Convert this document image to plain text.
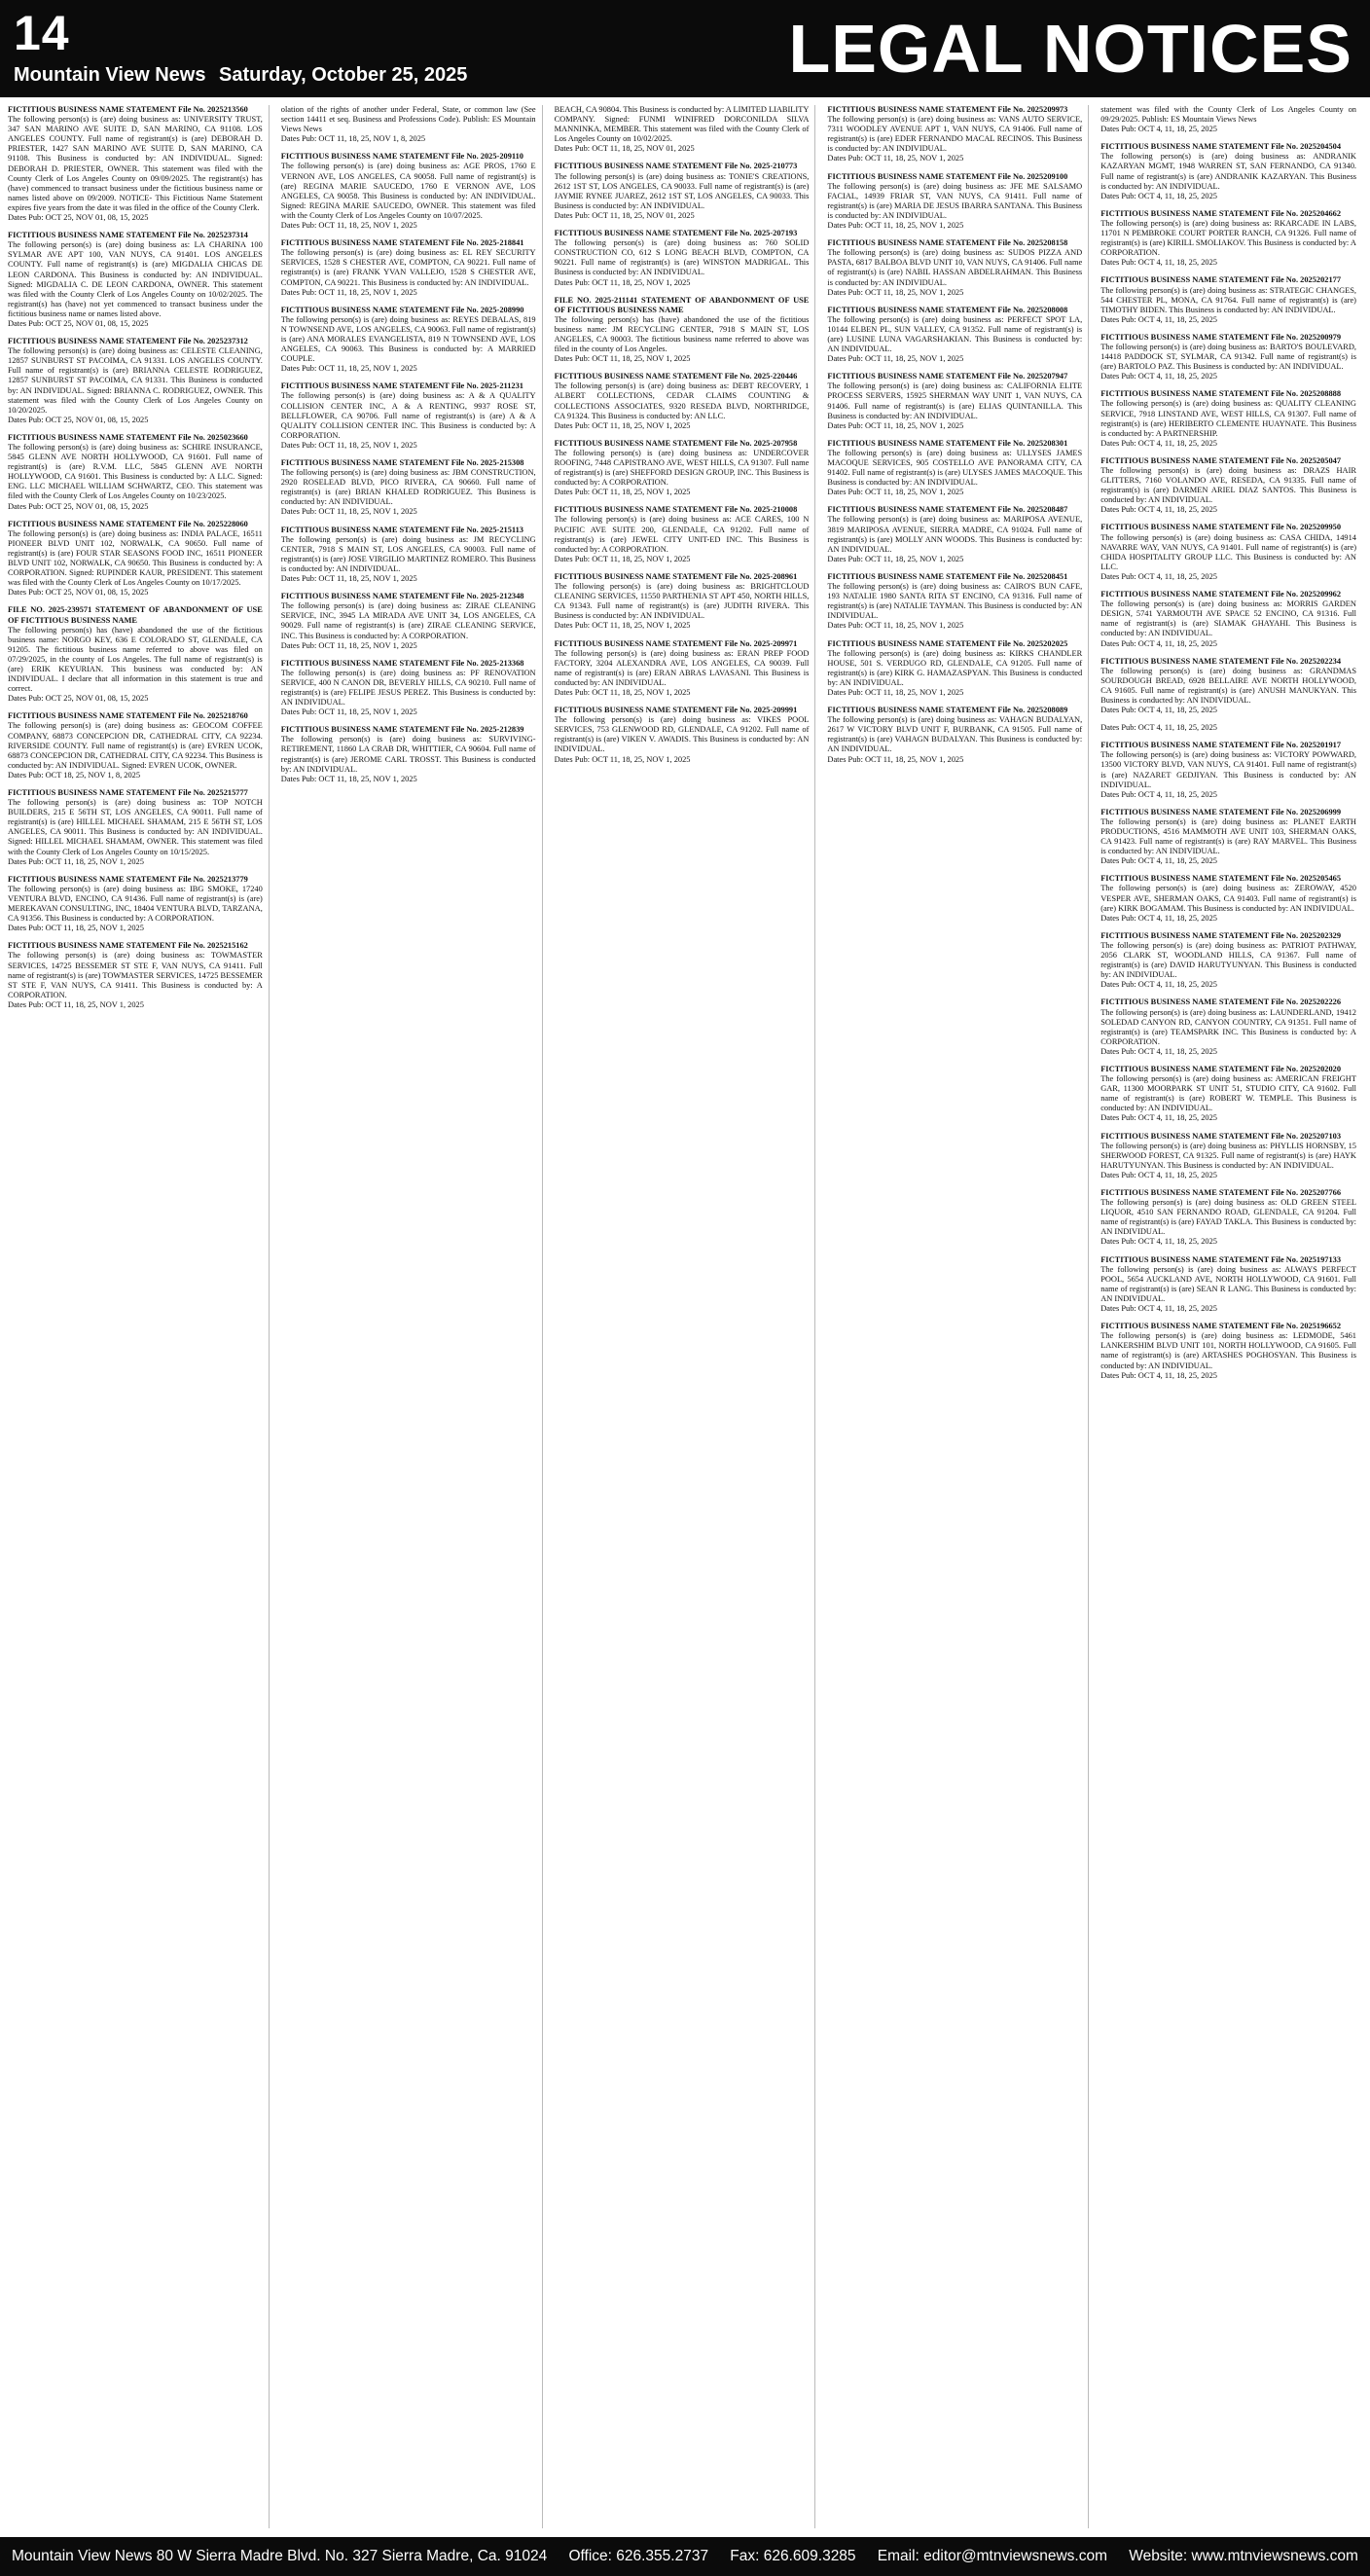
14
Mountain View News Saturday, October 25, 2025	LEGAL NOTICES
FICTITIOUS BUSINESS NAME STATEMENT File No. 2025213560
The following person(s) is (are) doing business as: UNIVERSITY TRUST, 347 SAN MARINO AVE SUITE D, SAN MARINO, CA 91108. LOS ANGELES COUNTY. Full name of registrant(s) is (are) DEBORAH D. PRIESTER, 1427 SAN MARINO AVE SUITE D, SAN MARINO, CA 91108. This Business is conducted by: AN INDIVIDUAL. Signed: DEBORAH D. PRIESTER, OWNER. This statement was filed with the County Clerk of Los Angeles County on 09/09/2025. The registrant(s) has (have) commenced to transact business under the fictitious business name or names listed above on 09/2009. NOTICE- This Fictitious Name Statement expires five years from the date it was filed in the office of the County Clerk.
Dates Pub: OCT 25, NOV 01, 08, 15, 2025
FICTITIOUS BUSINESS NAME STATEMENT File No. 2025237314
The following person(s) is (are) doing business as: LA CHARINA 100 SYLMAR AVE APT 100, VAN NUYS, CA 91401. LOS ANGELES COUNTY. Full name of registrant(s) is (are) MIGDALIA CHICAS DE LEON CARDONA. This Business is conducted by: AN INDIVIDUAL. Signed: MIGDALIA C. DE LEON CARDONA, OWNER. This statement was filed with the County Clerk of Los Angeles County on 10/02/2025. The registrant(s) has (have) not yet commenced to transact business under the fictitious business name or names listed above.
Dates Pub: OCT 25, NOV 01, 08, 15, 2025
FICTITIOUS BUSINESS NAME STATEMENT File No. 2025237312
The following person(s) is (are) doing business as: CELESTE CLEANING, 12857 SUNBURST ST PACOIMA, CA 91331. LOS ANGELES COUNTY. Full name of registrant(s) is (are) BRIANNA CELESTE RODRIGUEZ, 12857 SUNBURST ST PACOIMA, CA 91331. This Business is conducted by: AN INDIVIDUAL. Signed: BRIANNA C. RODRIGUEZ, OWNER. This statement was filed with the County Clerk of Los Angeles County on 10/20/2025.
Dates Pub: OCT 25, NOV 01, 08, 15, 2025
FICTITIOUS BUSINESS NAME STATEMENT File No. 2025023660
The following person(s) is (are) doing business as: SCHIRE INSURANCE, 5845 GLENN AVE NORTH HOLLYWOOD, CA 91601. Full name of registrant(s) is (are) R.V.M. LLC, 5845 GLENN AVE NORTH HOLLYWOOD, CA 91601. This Business is conducted by: A LLC. Signed: ENG. LLC MICHAEL WILLIAM SCHWARTZ, CEO. This statement was filed with the County Clerk of Los Angeles County on 10/23/2025.
Dates Pub: OCT 25, NOV 01, 08, 15, 2025
FICTITIOUS BUSINESS NAME STATEMENT File No. 2025228060
The following person(s) is (are) doing business as: INDIA PALACE, 16511 PIONEER BLVD UNIT 102, NORWALK, CA 90650. Full name of registrant(s) is (are) FOUR STAR SEASONS FOOD INC, 16511 PIONEER BLVD UNIT 102, NORWALK, CA 90650. This Business is conducted by: A CORPORATION. Signed: RUPINDER KAUR, PRESIDENT. This statement was filed with the County Clerk of Los Angeles County on 10/17/2025.
Dates Pub: OCT 25, NOV 01, 08, 15, 2025
FILE NO. 2025-239571 STATEMENT OF ABANDONMENT OF USE OF FICTITIOUS BUSINESS NAME
The following person(s) has (have) abandoned the use of the fictitious business name: NORGO KEY, 636 E COLORADO ST, GLENDALE, CA 91205. The fictitious business name referred to above was filed on 07/29/2025, in the county of Los Angeles. The full name of registrant(s) is (are) ERIK KEYURIAN. This business was conducted by: AN INDIVIDUAL. I declare that all information in this statement is true and correct.
Dates Pub: OCT 25, NOV 01, 08, 15, 2025
FICTITIOUS BUSINESS NAME STATEMENT File No. 2025218760
The following person(s) is (are) doing business as: GEOCOM COFFEE COMPANY, 68873 CONCEPCION DR, CATHEDRAL CITY, CA 92234. RIVERSIDE COUNTY. Full name of registrant(s) is (are) EVREN UCOK, 68873 CONCEPCION DR, CATHEDRAL CITY, CA 92234. This Business is conducted by: AN INDIVIDUAL. Signed: EVREN UCOK, OWNER.
Dates Pub: OCT 18, 25, NOV 1, 8, 2025
FICTITIOUS BUSINESS NAME STATEMENT File No. 2025215777
The following person(s) is (are) doing business as: TOP NOTCH BUILDERS, 215 E 56TH ST, LOS ANGELES, CA 90011. Full name of registrant(s) is (are) HILLEL MICHAEL SHAMAM, 215 E 56TH ST, LOS ANGELES, CA 90011. This Business is conducted by: AN INDIVIDUAL. Signed: HILLEL MICHAEL SHAMAM, OWNER. This statement was filed with the County Clerk of Los Angeles County on 10/15/2025.
Dates Pub: OCT 11, 18, 25, NOV 1, 2025
FICTITIOUS BUSINESS NAME STATEMENT File No. 2025213779
The following person(s) is (are) doing business as: IBG SMOKE, 17240 VENTURA BLVD, ENCINO, CA 91436. Full name of registrant(s) is (are) MEREKAVAN CONSULTING, INC, 18404 VENTURA BLVD, TARZANA, CA 91356. This Business is conducted by: A CORPORATION.
Dates Pub: OCT 11, 18, 25, NOV 1, 2025
FICTITIOUS BUSINESS NAME STATEMENT File No. 2025215162
The following person(s) is (are) doing business as: TOWMASTER SERVICES, 14725 BESSEMER ST STE F, VAN NUYS, CA 91411. Full name of registrant(s) is (are) TOWMASTER SERVICES, 14725 BESSEMER ST STE F, VAN NUYS, CA 91411. This Business is conducted by: A CORPORATION.
Dates Pub: OCT 11, 18, 25, NOV 1, 2025
olation of the rights of another under Federal, State, or common law (See section 14411 et seq. Business and Professions Code). Publish: ES Mountain Views News
Dates Pub: OCT 11, 18, 25, NOV 1, 8, 2025
FICTITIOUS BUSINESS NAME STATEMENT File No. 2025-209110
The following person(s) is (are) doing business as: AGE PROS, 1760 E VERNON AVE, LOS ANGELES, CA 90058. Full name of registrant(s) is (are) REGINA MARIE SAUCEDO, 1760 E VERNON AVE, LOS ANGELES, CA 90058. This Business is conducted by: AN INDIVIDUAL. Signed: REGINA MARIE SAUCEDO, OWNER. This statement was filed with the County Clerk of Los Angeles County on 10/07/2025.
Dates Pub: OCT 11, 18, 25, NOV 1, 2025
FICTITIOUS BUSINESS NAME STATEMENT File No. 2025-218841
The following person(s) is (are) doing business as: EL REY SECURITY SERVICES, 1528 S CHESTER AVE, COMPTON, CA 90221. Full name of registrant(s) is (are) FRANK YVAN VALLEJO, 1528 S CHESTER AVE, COMPTON, CA 90221. This Business is conducted by: AN INDIVIDUAL.
Dates Pub: OCT 11, 18, 25, NOV 1, 2025
FICTITIOUS BUSINESS NAME STATEMENT File No. 2025-208990
The following person(s) is (are) doing business as: REYES DEBALAS, 819 N TOWNSEND AVE, LOS ANGELES, CA 90063. Full name of registrant(s) is (are) ANA MORALES EVANGELISTA, 819 N TOWNSEND AVE, LOS ANGELES, CA 90063. This Business is conducted by: A MARRIED COUPLE.
Dates Pub: OCT 11, 18, 25, NOV 1, 2025
FICTITIOUS BUSINESS NAME STATEMENT File No. 2025-211231
The following person(s) is (are) doing business as: A & A QUALITY COLLISION CENTER INC, A & A RENTING, 9937 ROSE ST, BELLFLOWER, CA 90706. Full name of registrant(s) is (are) A & A QUALITY COLLISION CENTER INC. This Business is conducted by: A CORPORATION.
Dates Pub: OCT 11, 18, 25, NOV 1, 2025
FICTITIOUS BUSINESS NAME STATEMENT File No. 2025-215308
The following person(s) is (are) doing business as: JBM CONSTRUCTION, 2920 ROSELEAD BLVD, PICO RIVERA, CA 90660. Full name of registrant(s) is (are) BRIAN KHALED RODRIGUEZ. This Business is conducted by: AN INDIVIDUAL.
Dates Pub: OCT 11, 18, 25, NOV 1, 2025
FICTITIOUS BUSINESS NAME STATEMENT File No. 2025-215113
The following person(s) is (are) doing business as: JM RECYCLING CENTER, 7918 S MAIN ST, LOS ANGELES, CA 90003. Full name of registrant(s) is (are) JOSE VIRGILIO MARTINEZ ROMERO. This Business is conducted by: AN INDIVIDUAL.
Dates Pub: OCT 11, 18, 25, NOV 1, 2025
FICTITIOUS BUSINESS NAME STATEMENT File No. 2025-212348
The following person(s) is (are) doing business as: ZIRAE CLEANING SERVICE, INC, 3945 LA MIRADA AVE UNIT 34, LOS ANGELES, CA 90029. Full name of registrant(s) is (are) ZIRAE CLEANING SERVICE, INC. This Business is conducted by: A CORPORATION.
Dates Pub: OCT 11, 18, 25, NOV 1, 2025
FICTITIOUS BUSINESS NAME STATEMENT File No. 2025-213368
The following person(s) is (are) doing business as: PF RENOVATION SERVICE, 400 N CANON DR, BEVERLY HILLS, CA 90210. Full name of registrant(s) is (are) FELIPE JESUS PEREZ. This Business is conducted by: AN INDIVIDUAL.
Dates Pub: OCT 11, 18, 25, NOV 1, 2025
FICTITIOUS BUSINESS NAME STATEMENT File No. 2025-212839
The following person(s) is (are) doing business as: SURVIVING-RETIREMENT, 11860 LA CRAB DR, WHITTIER, CA 90604. Full name of registrant(s) is (are) JEROME CARL TROSST. This Business is conducted by: AN INDIVIDUAL.
Dates Pub: OCT 11, 18, 25, NOV 1, 2025
BEACH, CA 90804. This Business is conducted by: A LIMITED LIABILITY COMPANY. Signed: FUNMI WINIFRED DORCONILDA SILVA MANNINKA, MEMBER. This statement was filed with the County Clerk of Los Angeles County on 10/02/2025.
Dates Pub: OCT 11, 18, 25, NOV 01, 2025
FICTITIOUS BUSINESS NAME STATEMENT File No. 2025-210773
The following person(s) is (are) doing business as: TONIE'S CREATIONS, 2612 1ST ST, LOS ANGELES, CA 90033. Full name of registrant(s) is (are) JAYMIE RYNEE JUAREZ, 2612 1ST ST, LOS ANGELES, CA 90033. This Business is conducted by: AN INDIVIDUAL.
Dates Pub: OCT 11, 18, 25, NOV 01, 2025
FICTITIOUS BUSINESS NAME STATEMENT File No. 2025-207193
The following person(s) is (are) doing business as: 760 SOLID CONSTRUCTION CO, 612 S LONG BEACH BLVD, COMPTON, CA 90221. Full name of registrant(s) is (are) WINSTON MADRIGAL. This Business is conducted by: AN INDIVIDUAL.
Dates Pub: OCT 11, 18, 25, NOV 1, 2025
FILE NO. 2025-211141 STATEMENT OF ABANDONMENT OF USE OF FICTITIOUS BUSINESS NAME
The following person(s) has (have) abandoned the use of the fictitious business name: JM RECYCLING CENTER, 7918 S MAIN ST, LOS ANGELES, CA 90003. The fictitious business name referred to above was filed in the county of Los Angeles.
Dates Pub: OCT 11, 18, 25, NOV 1, 2025
FICTITIOUS BUSINESS NAME STATEMENT File No. 2025-220446
The following person(s) is (are) doing business as: DEBT RECOVERY, 1 ALBERT COLLECTIONS, CEDAR CLAIMS COUNTING & COLLECTIONS ASSOCIATES, 9320 RESEDA BLVD, NORTHRIDGE, CA 91324. This Business is conducted by: AN LLC.
Dates Pub: OCT 11, 18, 25, NOV 1, 2025
FICTITIOUS BUSINESS NAME STATEMENT File No. 2025-207958
The following person(s) is (are) doing business as: UNDERCOVER ROOFING, 7448 CAPISTRANO AVE, WEST HILLS, CA 91307. Full name of registrant(s) is (are) SHEFFORD DESIGN GROUP, INC. This Business is conducted by: A CORPORATION.
Dates Pub: OCT 11, 18, 25, NOV 1, 2025
FICTITIOUS BUSINESS NAME STATEMENT File No. 2025-210008
The following person(s) is (are) doing business as: ACE CARES, 100 N PACIFIC AVE SUITE 200, GLENDALE, CA 91202. Full name of registrant(s) is (are) JEWEL CITY UNIT-ED INC. This Business is conducted by: A CORPORATION.
Dates Pub: OCT 11, 18, 25, NOV 1, 2025
FICTITIOUS BUSINESS NAME STATEMENT File No. 2025-208961
The following person(s) is (are) doing business as: BRIGHTCLOUD CLEANING SERVICES, 11550 PARTHENIA ST APT 450, NORTH HILLS, CA 91343. Full name of registrant(s) is (are) JUDITH RIVERA. This Business is conducted by: AN INDIVIDUAL.
Dates Pub: OCT 11, 18, 25, NOV 1, 2025
FICTITIOUS BUSINESS NAME STATEMENT File No. 2025-209971
The following person(s) is (are) doing business as: ERAN PREP FOOD FACTORY, 3204 ALEXANDRA AVE, LOS ANGELES, CA 90039. Full name of registrant(s) is (are) ERAN ABRAS LAVASANI. This Business is conducted by: AN INDIVIDUAL.
Dates Pub: OCT 11, 18, 25, NOV 1, 2025
FICTITIOUS BUSINESS NAME STATEMENT File No. 2025-209991
The following person(s) is (are) doing business as: VIKES POOL SERVICES, 753 GLENWOOD RD, GLENDALE, CA 91202. Full name of registrant(s) is (are) VIKEN V. AWADIS. This Business is conducted by: AN INDIVIDUAL.
Dates Pub: OCT 11, 18, 25, NOV 1, 2025
FICTITIOUS BUSINESS NAME STATEMENT File No. 2025209973
The following person(s) is (are) doing business as: VANS AUTO SERVICE, 7311 WOODLEY AVENUE APT 1, VAN NUYS, CA 91406. Full name of registrant(s) is (are) EDER FERNANDO MACAL RECINOS. This Business is conducted by: AN INDIVIDUAL.
Dates Pub: OCT 11, 18, 25, NOV 1, 2025
FICTITIOUS BUSINESS NAME STATEMENT File No. 2025209100
The following person(s) is (are) doing business as: JFE ME SALSAMO FACIAL, 14939 FRIAR ST, VAN NUYS, CA 91411. Full name of registrant(s) is (are) MARIA DE JESUS IBARRA SANTANA. This Business is conducted by: AN INDIVIDUAL.
Dates Pub: OCT 11, 18, 25, NOV 1, 2025
FICTITIOUS BUSINESS NAME STATEMENT File No. 2025208158
The following person(s) is (are) doing business as: SUDOS PIZZA AND PASTA, 6817 BALBOA BLVD UNIT 10, VAN NUYS, CA 91406. Full name of registrant(s) is (are) NABIL HASSAN ABDELRAHMAN. This Business is conducted by: AN INDIVIDUAL.
Dates Pub: OCT 11, 18, 25, NOV 1, 2025
FICTITIOUS BUSINESS NAME STATEMENT File No. 2025208008
The following person(s) is (are) doing business as: PERFECT SPOT LA, 10144 ELBEN PL, SUN VALLEY, CA 91352. Full name of registrant(s) is (are) LUSINE LUNA VAGARSHAKIAN. This Business is conducted by: AN INDIVIDUAL.
Dates Pub: OCT 11, 18, 25, NOV 1, 2025
FICTITIOUS BUSINESS NAME STATEMENT File No. 2025207947
The following person(s) is (are) doing business as: CALIFORNIA ELITE PROCESS SERVERS, 15925 SHERMAN WAY UNIT 1, VAN NUYS, CA 91406. Full name of registrant(s) is (are) ELIAS QUINTANILLA. This Business is conducted by: AN INDIVIDUAL.
Dates Pub: OCT 11, 18, 25, NOV 1, 2025
FICTITIOUS BUSINESS NAME STATEMENT File No. 2025208301
The following person(s) is (are) doing business as: ULLYSES JAMES MACOQUE SERVICES, 905 COSTELLO AVE PANORAMA CITY, CA 91402. Full name of registrant(s) is (are) ULYSES JAMES MACOQUE. This Business is conducted by: AN INDIVIDUAL.
Dates Pub: OCT 11, 18, 25, NOV 1, 2025
FICTITIOUS BUSINESS NAME STATEMENT File No. 2025208487
The following person(s) is (are) doing business as: MARIPOSA AVENUE, 3819 MARIPOSA AVENUE, SIERRA MADRE, CA 91024. Full name of registrant(s) is (are) MOLLY ANN WOODS. This Business is conducted by: AN INDIVIDUAL.
Dates Pub: OCT 11, 18, 25, NOV 1, 2025
FICTITIOUS BUSINESS NAME STATEMENT File No. 2025208451
The following person(s) is (are) doing business as: CAIRO'S BUN CAFE, 193 NATALIE 1980 SANTA RITA ST ENCINO, CA 91316. Full name of registrant(s) is (are) NATALIE TAYMAN. This Business is conducted by: AN INDIVIDUAL.
Dates Pub: OCT 11, 18, 25, NOV 1, 2025
FICTITIOUS BUSINESS NAME STATEMENT File No. 2025202025
The following person(s) is (are) doing business as: KIRKS CHANDLER HOUSE, 501 S. VERDUGO RD, GLENDALE, CA 91205. Full name of registrant(s) is (are) KIRK G. HAMAZASPYAN. This Business is conducted by: AN INDIVIDUAL.
Dates Pub: OCT 11, 18, 25, NOV 1, 2025
FICTITIOUS BUSINESS NAME STATEMENT File No. 2025208089
The following person(s) is (are) doing business as: VAHAGN BUDALYAN, 2617 W VICTORY BLVD UNIT F, BURBANK, CA 91505. Full name of registrant(s) is (are) VAHAGN BUDALYAN. This Business is conducted by: AN INDIVIDUAL.
Dates Pub: OCT 11, 18, 25, NOV 1, 2025
statement was filed with the County Clerk of Los Angeles County on 09/29/2025. Publish: ES Mountain Views News
Dates Pub: OCT 4, 11, 18, 25, 2025
FICTITIOUS BUSINESS NAME STATEMENT File No. 2025204504
The following person(s) is (are) doing business as: ANDRANIK KAZARYAN MGMT, 1948 WARREN ST, SAN FERNANDO, CA 91340. Full name of registrant(s) is (are) ANDRANIK KAZARYAN. This Business is conducted by: AN INDIVIDUAL.
Dates Pub: OCT 4, 11, 18, 25, 2025
FICTITIOUS BUSINESS NAME STATEMENT File No. 2025204662
The following person(s) is (are) doing business as: RKARCADE IN LABS, 11701 N PEMBROKE COURT PORTER RANCH, CA 91326. Full name of registrant(s) is (are) KIRILL SMOLIAKOV. This Business is conducted by: A CORPORATION.
Dates Pub: OCT 4, 11, 18, 25, 2025
FICTITIOUS BUSINESS NAME STATEMENT File No. 2025202177
The following person(s) is (are) doing business as: STRATEGIC CHANGES, 544 CHESTER PL, MONA, CA 91764. Full name of registrant(s) is (are) TIMOTHY BIDEN. This Business is conducted by: AN INDIVIDUAL.
Dates Pub: OCT 4, 11, 18, 25, 2025
FICTITIOUS BUSINESS NAME STATEMENT File No. 2025200979
The following person(s) is (are) doing business as: BARTO'S BOULEVARD, 14418 PADDOCK ST, SYLMAR, CA 91342. Full name of registrant(s) is (are) BARTOLO PAZ. This Business is conducted by: AN INDIVIDUAL.
Dates Pub: OCT 4, 11, 18, 25, 2025
FICTITIOUS BUSINESS NAME STATEMENT File No. 2025208888
The following person(s) is (are) doing business as: QUALITY CLEANING SERVICE, 7918 LINSTAND AVE, WEST HILLS, CA 91307. Full name of registrant(s) is (are) HERIBERTO CLEMENTE HUAYNATE. This Business is conducted by: A PARTNERSHIP.
Dates Pub: OCT 4, 11, 18, 25, 2025
FICTITIOUS BUSINESS NAME STATEMENT File No. 2025205047
The following person(s) is (are) doing business as: DRAZS HAIR GLITTERS, 7160 VOLANDO AVE, RESEDA, CA 91335. Full name of registrant(s) is (are) DARMEN ARIEL DIAZ SANTOS. This Business is conducted by: AN INDIVIDUAL.
Dates Pub: OCT 4, 11, 18, 25, 2025
FICTITIOUS BUSINESS NAME STATEMENT File No. 2025209950
The following person(s) is (are) doing business as: CASA CHIDA, 14914 NAVARRE WAY, VAN NUYS, CA 91401. Full name of registrant(s) is (are) CHIDA HOSPITALITY GROUP LLC. This Business is conducted by: AN LLC.
Dates Pub: OCT 4, 11, 18, 25, 2025
FICTITIOUS BUSINESS NAME STATEMENT File No. 2025209962
The following person(s) is (are) doing business as: MORRIS GARDEN DESIGN, 5741 YARMOUTH AVE SPACE 52 ENCINO, CA 91316. Full name of registrant(s) is (are) SIAMAK GHAYAHI. This Business is conducted by: AN INDIVIDUAL.
Dates Pub: OCT 4, 11, 18, 25, 2025
FICTITIOUS BUSINESS NAME STATEMENT File No. 2025202234
The following person(s) is (are) doing business as: GRANDMAS SOURDOUGH BREAD, 6928 BELLAIRE AVE NORTH HOLLYWOOD, CA 91605. Full name of registrant(s) is (are) ANUSH MANUKYAN. This Business is conducted by: AN INDIVIDUAL.
Dates Pub: OCT 4, 11, 18, 25, 2025
Dates Pub: OCT 4, 11, 18, 25, 2025
FICTITIOUS BUSINESS NAME STATEMENT File No. 2025201917
The following person(s) is (are) doing business as: VICTORY POWWARD, 13500 VICTORY BLVD, VAN NUYS, CA 91401. Full name of registrant(s) is (are) NAZARET GEDJIYAN. This Business is conducted by: AN INDIVIDUAL.
Dates Pub: OCT 4, 11, 18, 25, 2025
FICTITIOUS BUSINESS NAME STATEMENT File No. 2025206999
The following person(s) is (are) doing business as: PLANET EARTH PRODUCTIONS, 4516 MAMMOTH AVE UNIT 103, SHERMAN OAKS, CA 91423. Full name of registrant(s) is (are) RAY MARVEL. This Business is conducted by: AN INDIVIDUAL.
Dates Pub: OCT 4, 11, 18, 25, 2025
FICTITIOUS BUSINESS NAME STATEMENT File No. 2025205465
The following person(s) is (are) doing business as: ZEROWAY, 4520 VESPER AVE, SHERMAN OAKS, CA 91403. Full name of registrant(s) is (are) KIRK BOGAMAM. This Business is conducted by: AN INDIVIDUAL.
Dates Pub: OCT 4, 11, 18, 25, 2025
FICTITIOUS BUSINESS NAME STATEMENT File No. 2025202329
The following person(s) is (are) doing business as: PATRIOT PATHWAY, 2056 CLARK ST, WOODLAND HILLS, CA 91367. Full name of registrant(s) is (are) DAVID HARUTYUNYAN. This Business is conducted by: AN INDIVIDUAL.
Dates Pub: OCT 4, 11, 18, 25, 2025
FICTITIOUS BUSINESS NAME STATEMENT File No. 2025202226
The following person(s) is (are) doing business as: LAUNDERLAND, 19412 SOLEDAD CANYON RD, CANYON COUNTRY, CA 91351. Full name of registrant(s) is (are) TEAMSPARK INC. This Business is conducted by: A CORPORATION.
Dates Pub: OCT 4, 11, 18, 25, 2025
FICTITIOUS BUSINESS NAME STATEMENT File No. 2025202020
The following person(s) is (are) doing business as: AMERICAN FREIGHT GAR, 11300 MOORPARK ST UNIT 51, STUDIO CITY, CA 91602. Full name of registrant(s) is (are) ROBERT W. TEMPLE. This Business is conducted by: AN INDIVIDUAL.
Dates Pub: OCT 4, 11, 18, 25, 2025
FICTITIOUS BUSINESS NAME STATEMENT File No. 2025207103
The following person(s) is (are) doing business as: PHYLLIS HORNSBY, 15 SHERWOOD FOREST, CA 91325. Full name of registrant(s) is (are) HAYK HARUTYUNYAN. This Business is conducted by: AN INDIVIDUAL.
Dates Pub: OCT 4, 11, 18, 25, 2025
FICTITIOUS BUSINESS NAME STATEMENT File No. 2025207766
The following person(s) is (are) doing business as: OLD GREEN STEEL LIQUOR, 4510 SAN FERNANDO ROAD, GLENDALE, CA 91204. Full name of registrant(s) is (are) FAYAD TAKLA. This Business is conducted by: AN INDIVIDUAL.
Dates Pub: OCT 4, 11, 18, 25, 2025
FICTITIOUS BUSINESS NAME STATEMENT File No. 2025197133
The following person(s) is (are) doing business as: ALWAYS PERFECT POOL, 5654 AUCKLAND AVE, NORTH HOLLYWOOD, CA 91601. Full name of registrant(s) is (are) SEAN R LANG. This Business is conducted by: AN INDIVIDUAL.
Dates Pub: OCT 4, 11, 18, 25, 2025
FICTITIOUS BUSINESS NAME STATEMENT File No. 2025196652
The following person(s) is (are) doing business as: LEDMODE, 5461 LANKERSHIM BLVD UNIT 101, NORTH HOLLYWOOD, CA 91605. Full name of registrant(s) is (are) ARTASHES POGHOSYAN. This Business is conducted by: AN INDIVIDUAL.
Dates Pub: OCT 4, 11, 18, 25, 2025
Mountain View News 80 W Sierra Madre Blvd. No. 327 Sierra Madre, Ca. 91024 Office: 626.355.2737 Fax: 626.609.3285 Email: editor@mtnviewsnews.com Website: www.mtnviewsnews.com
